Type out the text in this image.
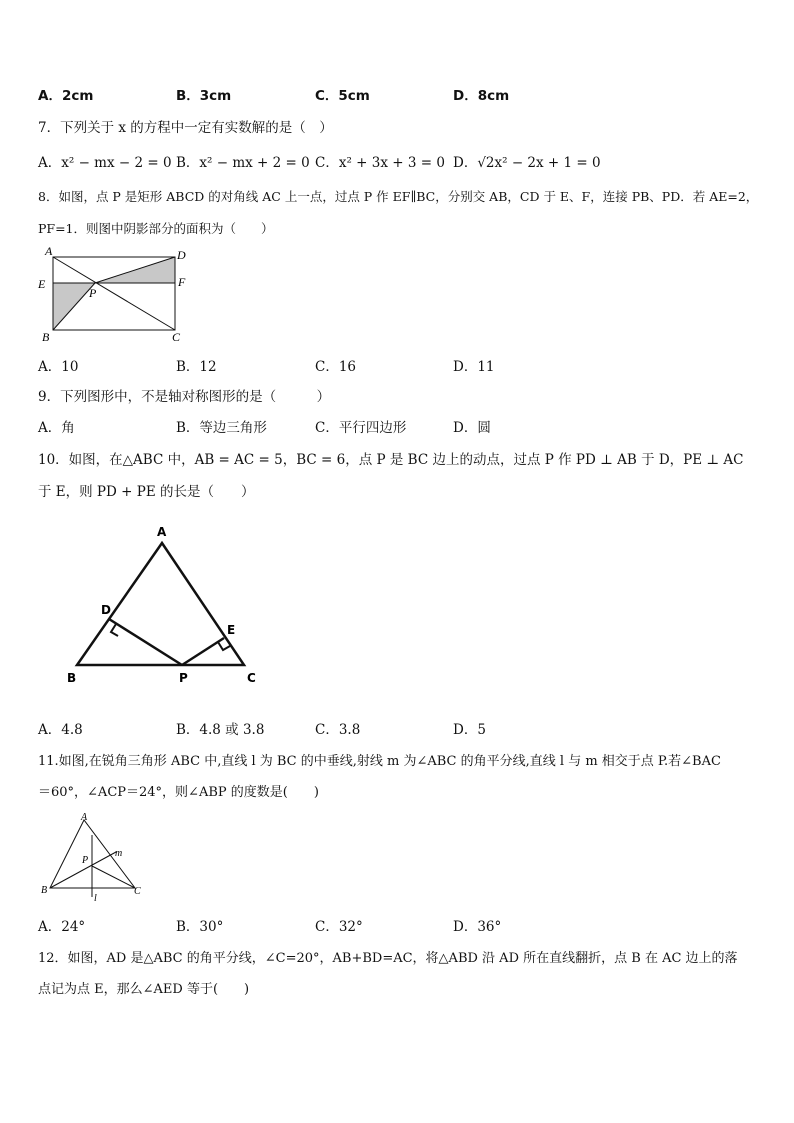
A．2cm	B．3cm	C．5cm	D．8cm
7．下列关于 x 的方程中一定有实数解的是（　）
A．x² − mx − 2 = 0 B．x² − mx + 2 = 0 C．x² + 3x + 3 = 0 D．√2x² − 2x + 1 = 0
8．如图，点 P 是矩形 ABCD 的对角线 AC 上一点，过点 P 作 EF∥BC，分别交 AB，CD 于 E、F，连接 PB、PD．若 AE=2，
PF=1．则图中阴影部分的面积为（　　）
A	D
E	F
P
B	C
A．10	B．12	C．16	D．11
9．下列图形中，不是轴对称图形的是（　　　）
A．角	B．等边三角形	C．平行四边形	D．圆
10．如图，在△ABC 中，AB = AC = 5，BC = 6，点 P 是 BC 边上的动点，过点 P 作 PD ⊥ AB 于 D，PE ⊥ AC
于 E，则 PD + PE 的长是（　　）
A
D
E
B	P	C
A．4.8	B．4.8 或 3.8	C．3.8	D．5
11.如图,在锐角三角形 ABC 中,直线 l 为 BC 的中垂线,射线 m 为∠ABC 的角平分线,直线 l 与 m 相交于点 P.若∠BAC
＝60°，∠ACP＝24°，则∠ABP 的度数是(　　)
A
m
P
B	C
l
A．24°	B．30°	C．32°	D．36°
12．如图，AD 是△ABC 的角平分线，∠C=20°，AB+BD=AC，将△ABD 沿 AD 所在直线翻折，点 B 在 AC 边上的落
点记为点 E，那么∠AED 等于(　　)
